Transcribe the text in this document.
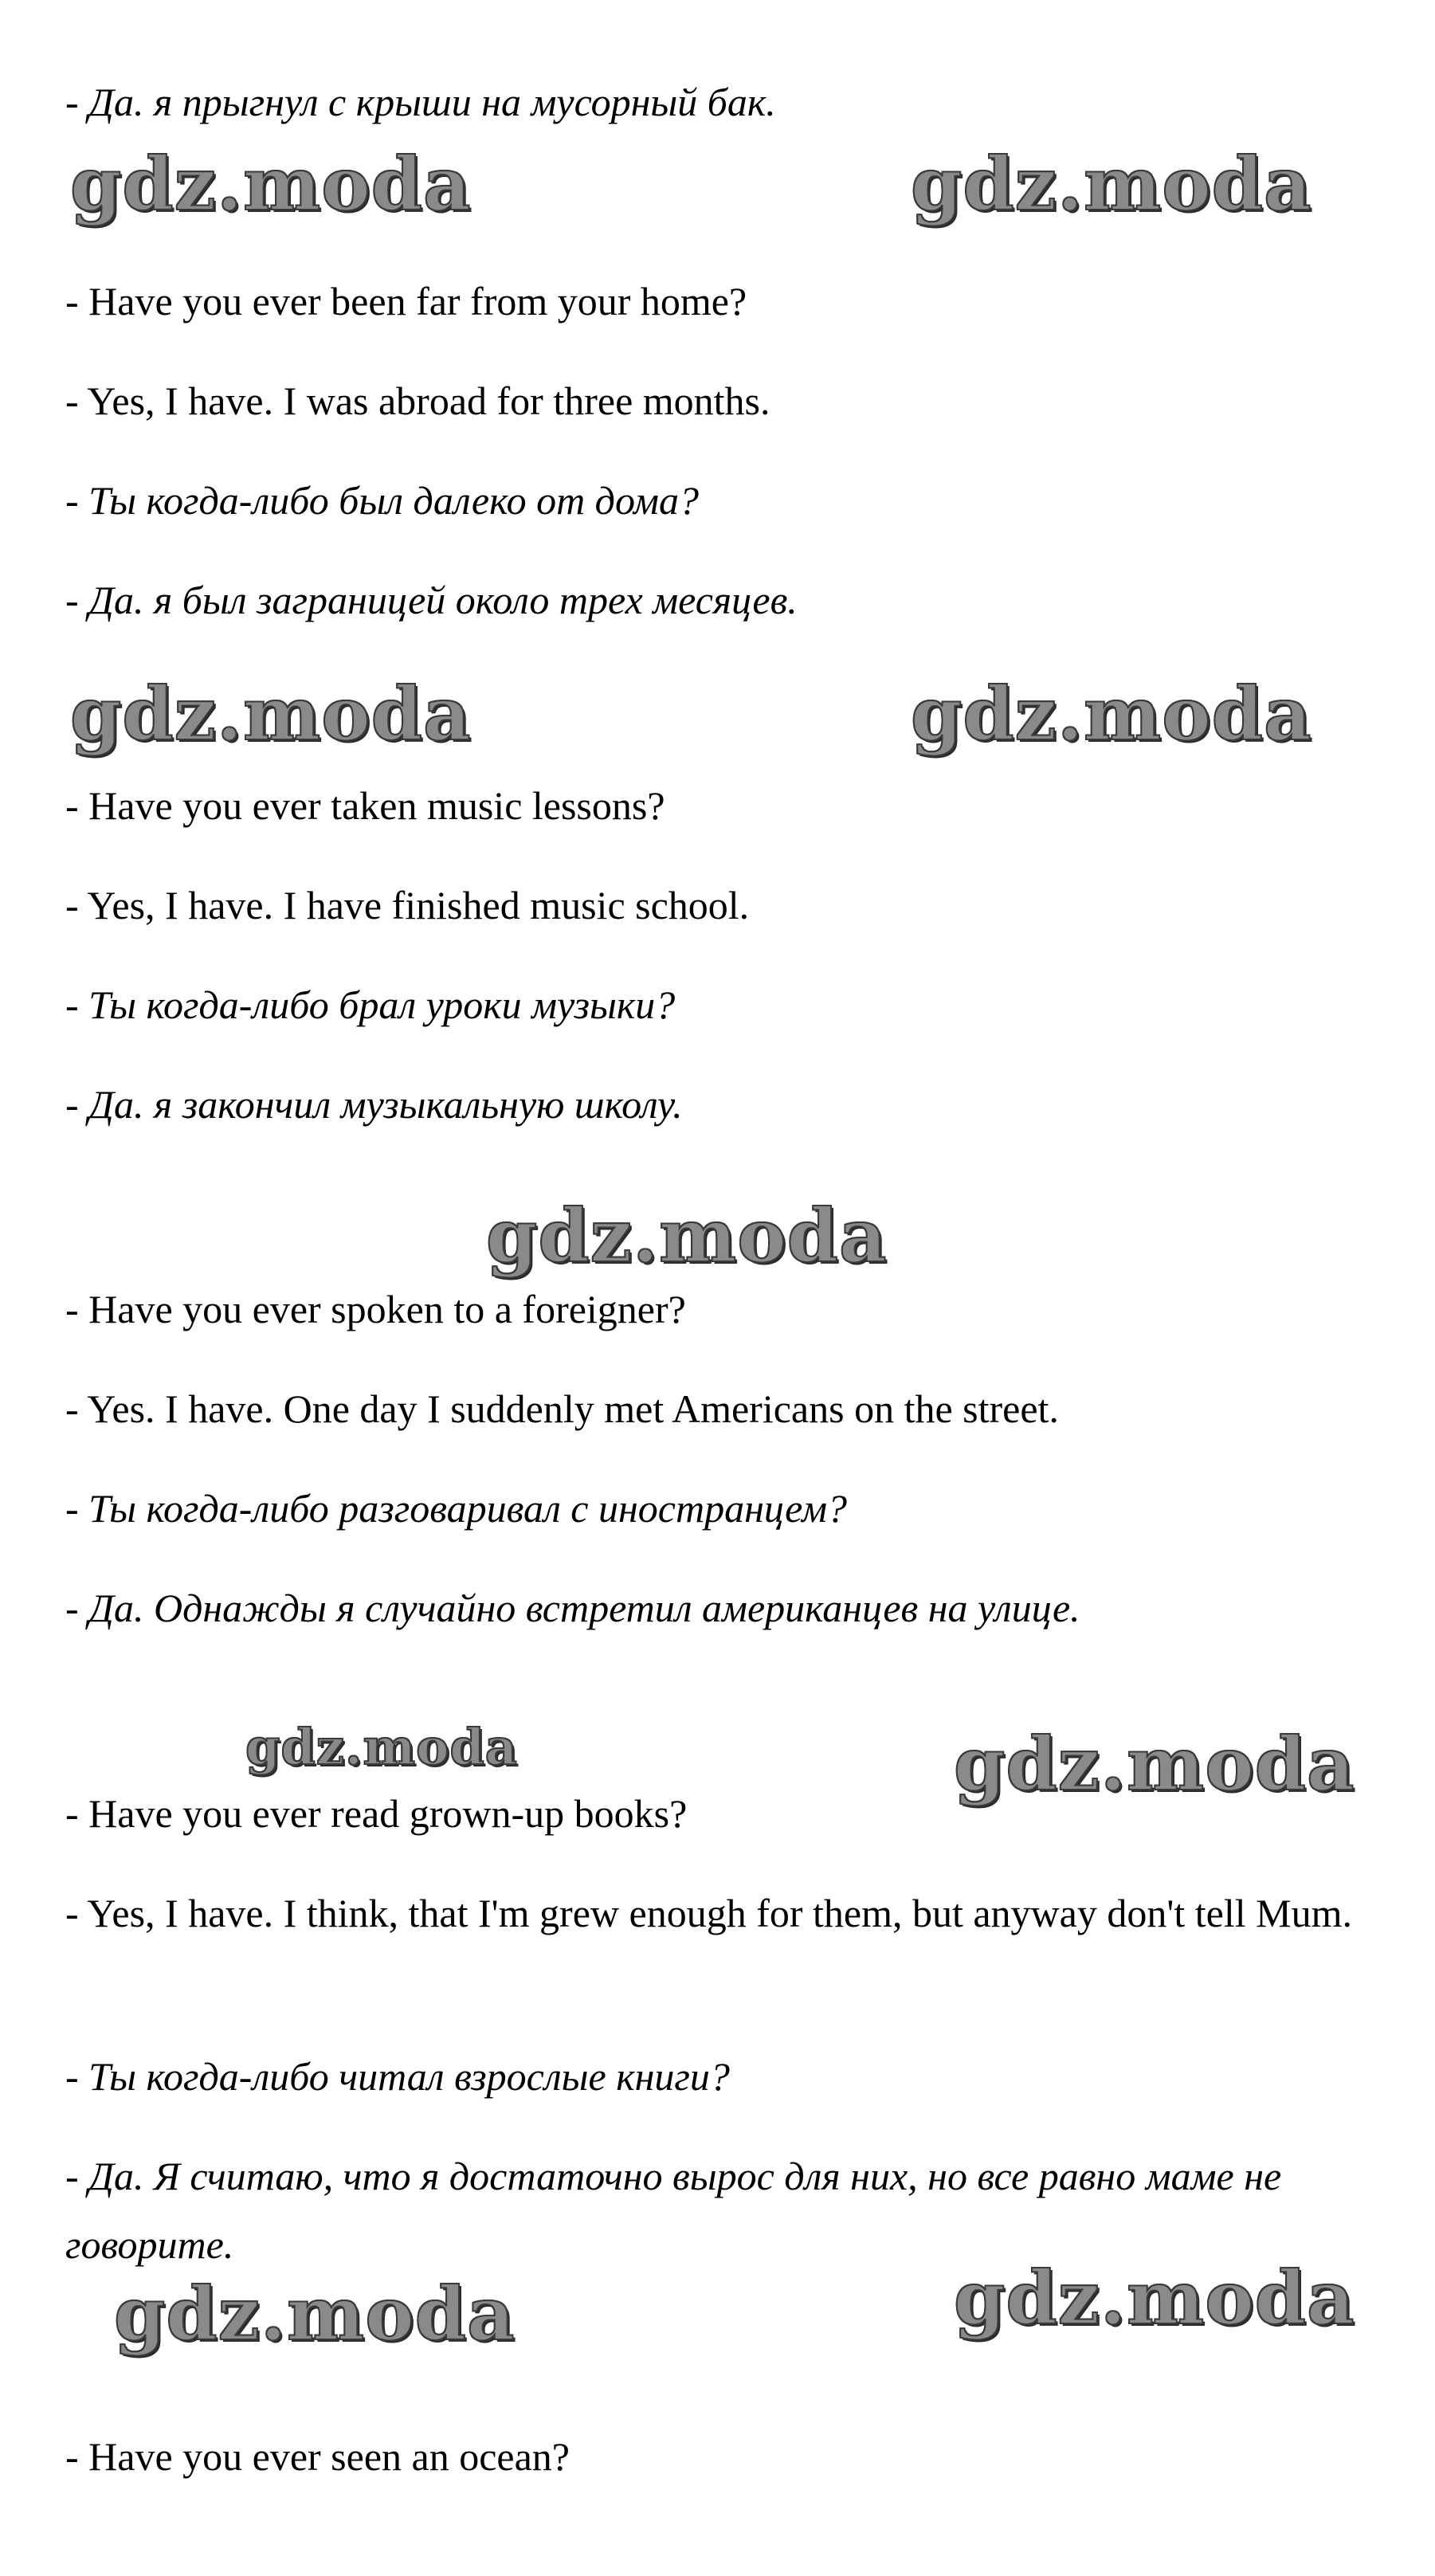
- Да. я прыгнул с крыши на мусорный бак.

- Have you ever been far from your home?

- Yes, I have. I was abroad for three months.

- Ты когда-либо был далеко от дома?

- Да. я был заграницей около трех месяцев.

- Have you ever taken music lessons?

- Yes, I have. I have finished music school.

- Ты когда-либо брал уроки музыки?

- Да. я закончил музыкальную школу.

- Have you ever spoken to a foreigner?

- Yes. I have. One day I suddenly met Americans on the street.

- Ты когда-либо разговаривал с иностранцем?

- Да. Однажды я случайно встретил американцев на улице.

- Have you ever read grown-up books?

- Yes, I have. I think, that I'm grew enough for them, but anyway don't tell Mum.

- Ты когда-либо читал взрослые книги?

- Да. Я считаю, что я достаточно вырос для них, но все равно маме не говорите.

- Have you ever seen an ocean?

gdz.moda	gdz.moda
gdz.moda	gdz.moda
gdz.moda
gdz.moda	gdz.moda
gdz.moda	gdz.moda
